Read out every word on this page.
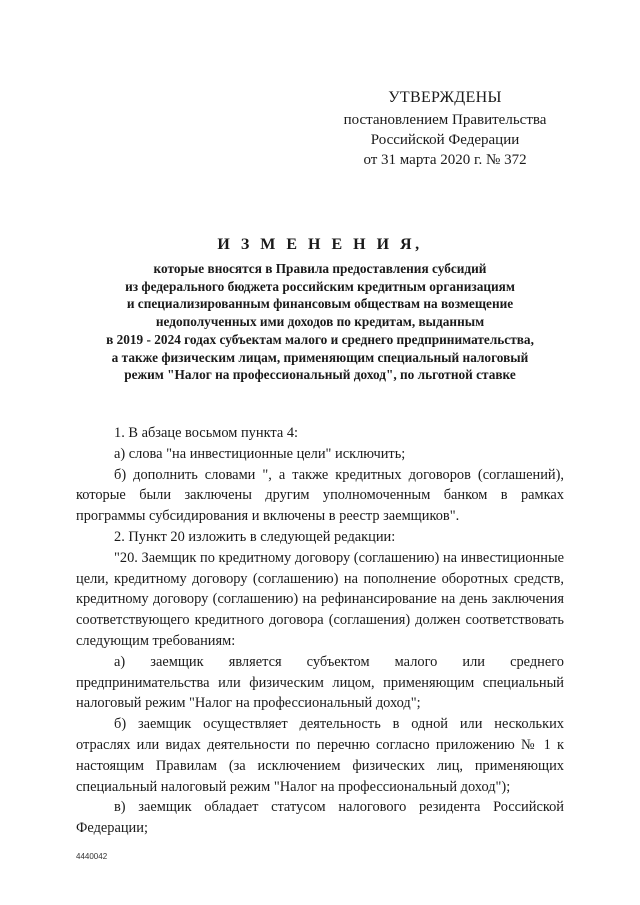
УТВЕРЖДЕНЫ
постановлением Правительства
Российской Федерации
от 31 марта 2020 г. № 372
И З М Е Н Е Н И Я,
которые вносятся в Правила предоставления субсидий
из федерального бюджета российским кредитным организациям
и специализированным финансовым обществам на возмещение
недополученных ими доходов по кредитам, выданным
в 2019 - 2024 годах субъектам малого и среднего предпринимательства,
а также физическим лицам, применяющим специальный налоговый
режим "Налог на профессиональный доход", по льготной ставке

1. В абзаце восьмом пункта 4:

а) слова "на инвестиционные цели" исключить;

б) дополнить словами ", а также кредитных договоров (соглашений), которые были заключены другим уполномоченным банком в рамках программы субсидирования и включены в реестр заемщиков".

2. Пункт 20 изложить в следующей редакции:

"20. Заемщик по кредитному договору (соглашению) на инвестиционные цели, кредитному договору (соглашению) на пополнение оборотных средств, кредитному договору (соглашению) на рефинансирование на день заключения соответствующего кредитного договора (соглашения) должен соответствовать следующим требованиям:

а) заемщик является субъектом малого или среднего предпринимательства или физическим лицом, применяющим специальный налоговый режим "Налог на профессиональный доход";

б) заемщик осуществляет деятельность в одной или нескольких отраслях или видах деятельности по перечню согласно приложению № 1 к настоящим Правилам (за исключением физических лиц, применяющих специальный налоговый режим "Налог на профессиональный доход");

в) заемщик обладает статусом налогового резидента Российской Федерации;

4440042
